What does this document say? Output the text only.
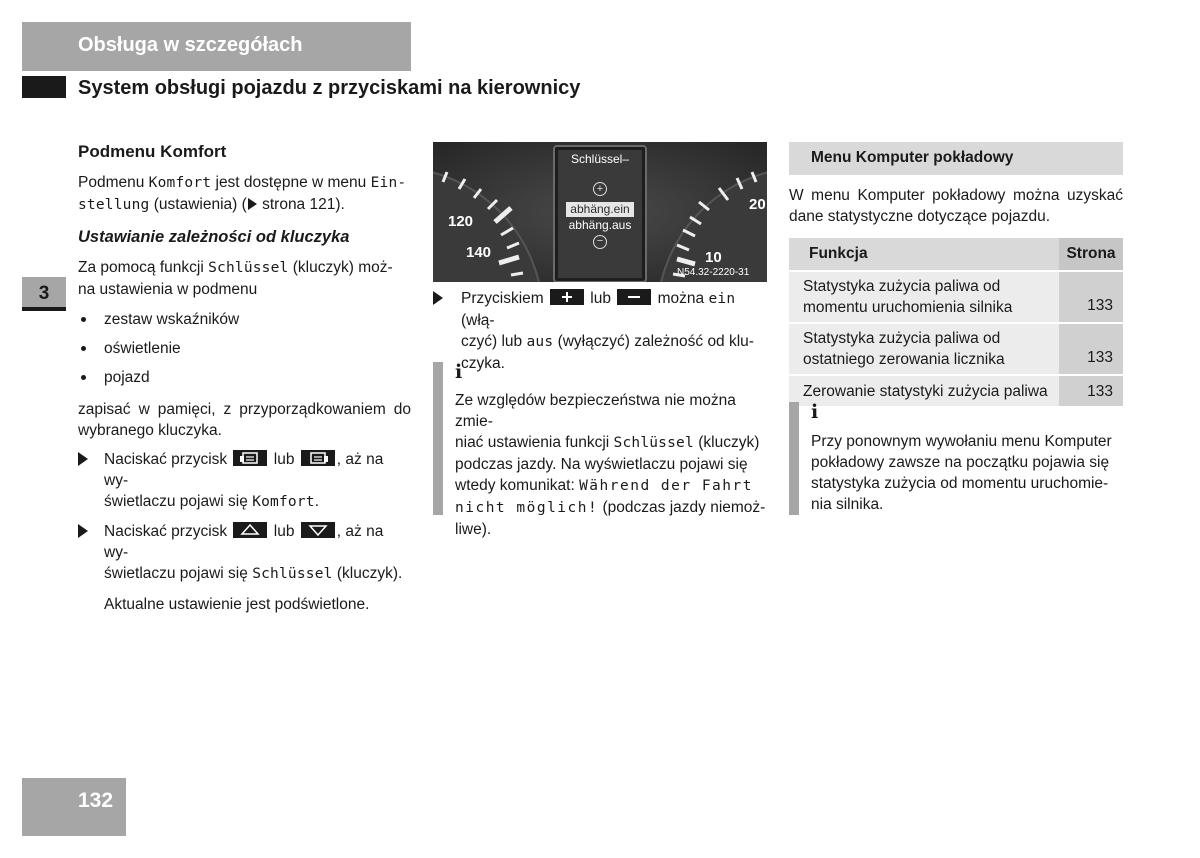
Obsługa w szczegółach
System obsługi pojazdu z przyciskami na kierownicy
3
132
Podmenu Komfort
Podmenu Komfort jest dostępne w menu Ein-
stellung (ustawienia) ( strona 121).
Ustawianie zależności od kluczyka
Za pomocą funkcji Schlüssel (kluczyk) moż-
na ustawienia w podmenu
zestaw wskaźników
oświetlenie
pojazd
zapisać w pamięci, z przyporządkowaniem do wybranego kluczyka.
Naciskać przycisk	lub	, aż na wy-
świetlaczu pojawi się Komfort.
Naciskać przycisk	lub	, aż na wy-
świetlaczu pojawi się Schlüssel (kluczyk).
Aktualne ustawienie jest podświetlone.
120
140
20
10
Schlüssel–
+
abhäng.ein
abhäng.aus
−
N54.32-2220-31
Przyciskiem	lub	można ein (włą-
czyć) lub aus (wyłączyć) zależność od klu-
czyka.
i
Ze względów bezpieczeństwa nie można zmie-
niać ustawienia funkcji Schlüssel (kluczyk)
podczas jazdy. Na wyświetlaczu pojawi się
wtedy komunikat: Während der Fahrt
nicht möglich! (podczas jazdy niemoż-
liwe).
Menu Komputer pokładowy
W menu Komputer pokładowy można uzyskać dane statystyczne dotyczące pojazdu.
Funkcja	Strona
Statystyka zużycia paliwa od
momentu uruchomienia silnika	133
Statystyka zużycia paliwa od
ostatniego zerowania licznika	133
Zerowanie statystyki zużycia paliwa	133
i
Przy ponownym wywołaniu menu Komputer
pokładowy zawsze na początku pojawia się
statystyka zużycia od momentu uruchomie-
nia silnika.
